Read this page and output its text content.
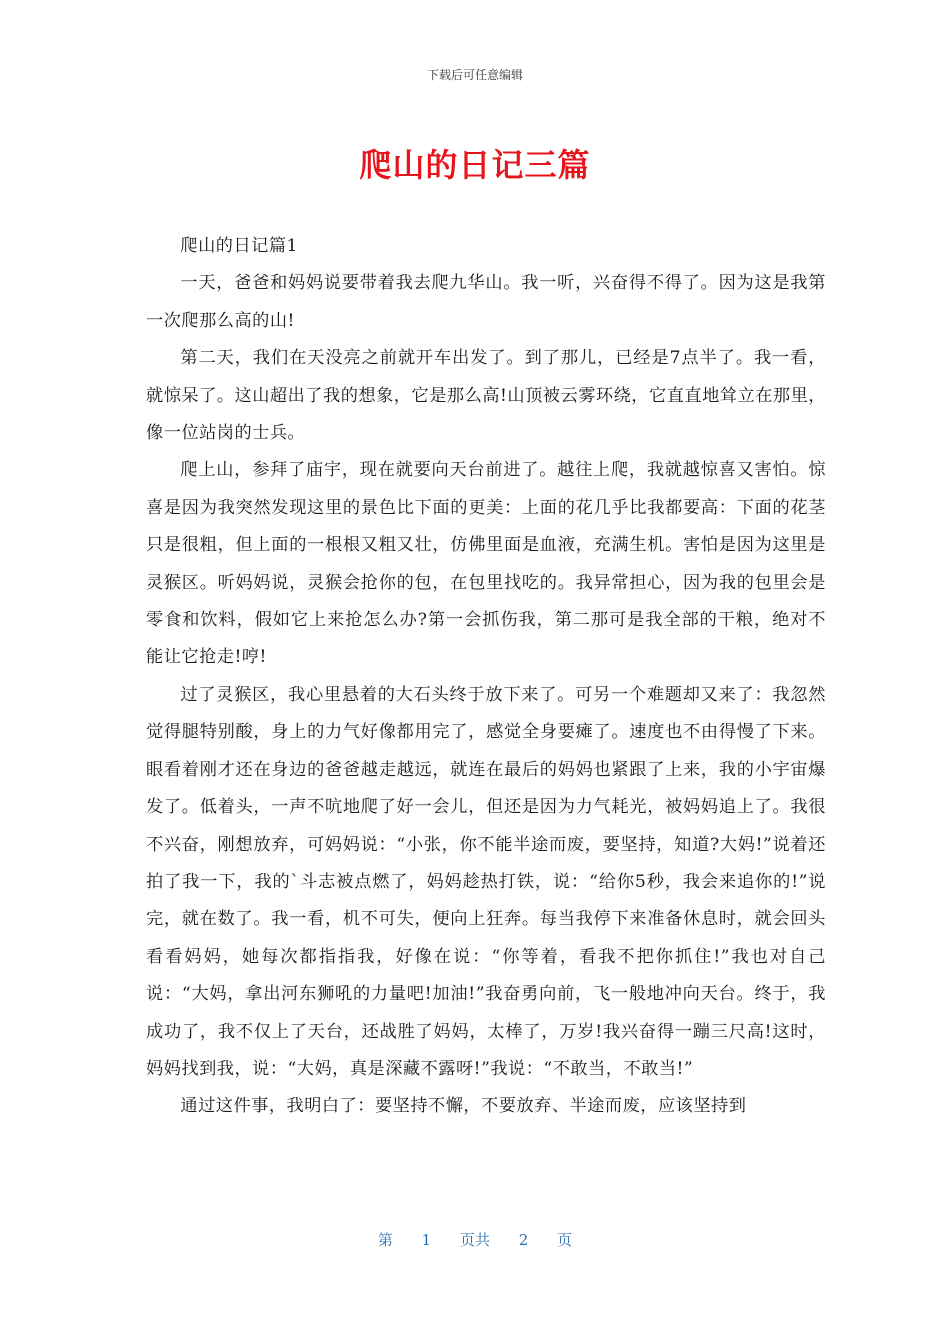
下载后可任意编辑
爬山的日记三篇

爬山的日记篇1

一天，爸爸和妈妈说要带着我去爬九华山。我一听，兴奋得不得了。因为这是我第一次爬那么高的山!

第二天，我们在天没亮之前就开车出发了。到了那儿，已经是7点半了。我一看，就惊呆了。这山超出了我的想象，它是那么高!山顶被云雾环绕，它直直地耸立在那里，像一位站岗的士兵。

爬上山，参拜了庙宇，现在就要向天台前进了。越往上爬，我就越惊喜又害怕。惊喜是因为我突然发现这里的景色比下面的更美：上面的花几乎比我都要高：下面的花茎只是很粗，但上面的一根根又粗又壮，仿佛里面是血液，充满生机。害怕是因为这里是灵猴区。听妈妈说，灵猴会抢你的包，在包里找吃的。我异常担心，因为我的包里会是零食和饮料，假如它上来抢怎么办?第一会抓伤我，第二那可是我全部的干粮，绝对不能让它抢走!哼!

过了灵猴区，我心里悬着的大石头终于放下来了。可另一个难题却又来了：我忽然觉得腿特别酸，身上的力气好像都用完了，感觉全身要瘫了。速度也不由得慢了下来。眼看着刚才还在身边的爸爸越走越远，就连在最后的妈妈也紧跟了上来，我的小宇宙爆发了。低着头，一声不吭地爬了好一会儿，但还是因为力气耗光，被妈妈追上了。我很不兴奋，刚想放弃，可妈妈说：“小张，你不能半途而废，要坚持，知道?大妈!”说着还拍了我一下，我的`斗志被点燃了，妈妈趁热打铁，说：“给你5秒，我会来追你的!”说完，就在数了。我一看，机不可失，便向上狂奔。每当我停下来准备休息时，就会回头看看妈妈，她每次都指指我，好像在说：“你等着，看我不把你抓住!”我也对自己说：“大妈，拿出河东狮吼的力量吧!加油!”我奋勇向前，飞一般地冲向天台。终于，我成功了，我不仅上了天台，还战胜了妈妈，太棒了，万岁!我兴奋得一蹦三尺高!这时，妈妈找到我，说：“大妈，真是深藏不露呀!”我说：“不敢当，不敢当!”

通过这件事，我明白了：要坚持不懈，不要放弃、半途而废，应该坚持到

第 1 页共 2 页
